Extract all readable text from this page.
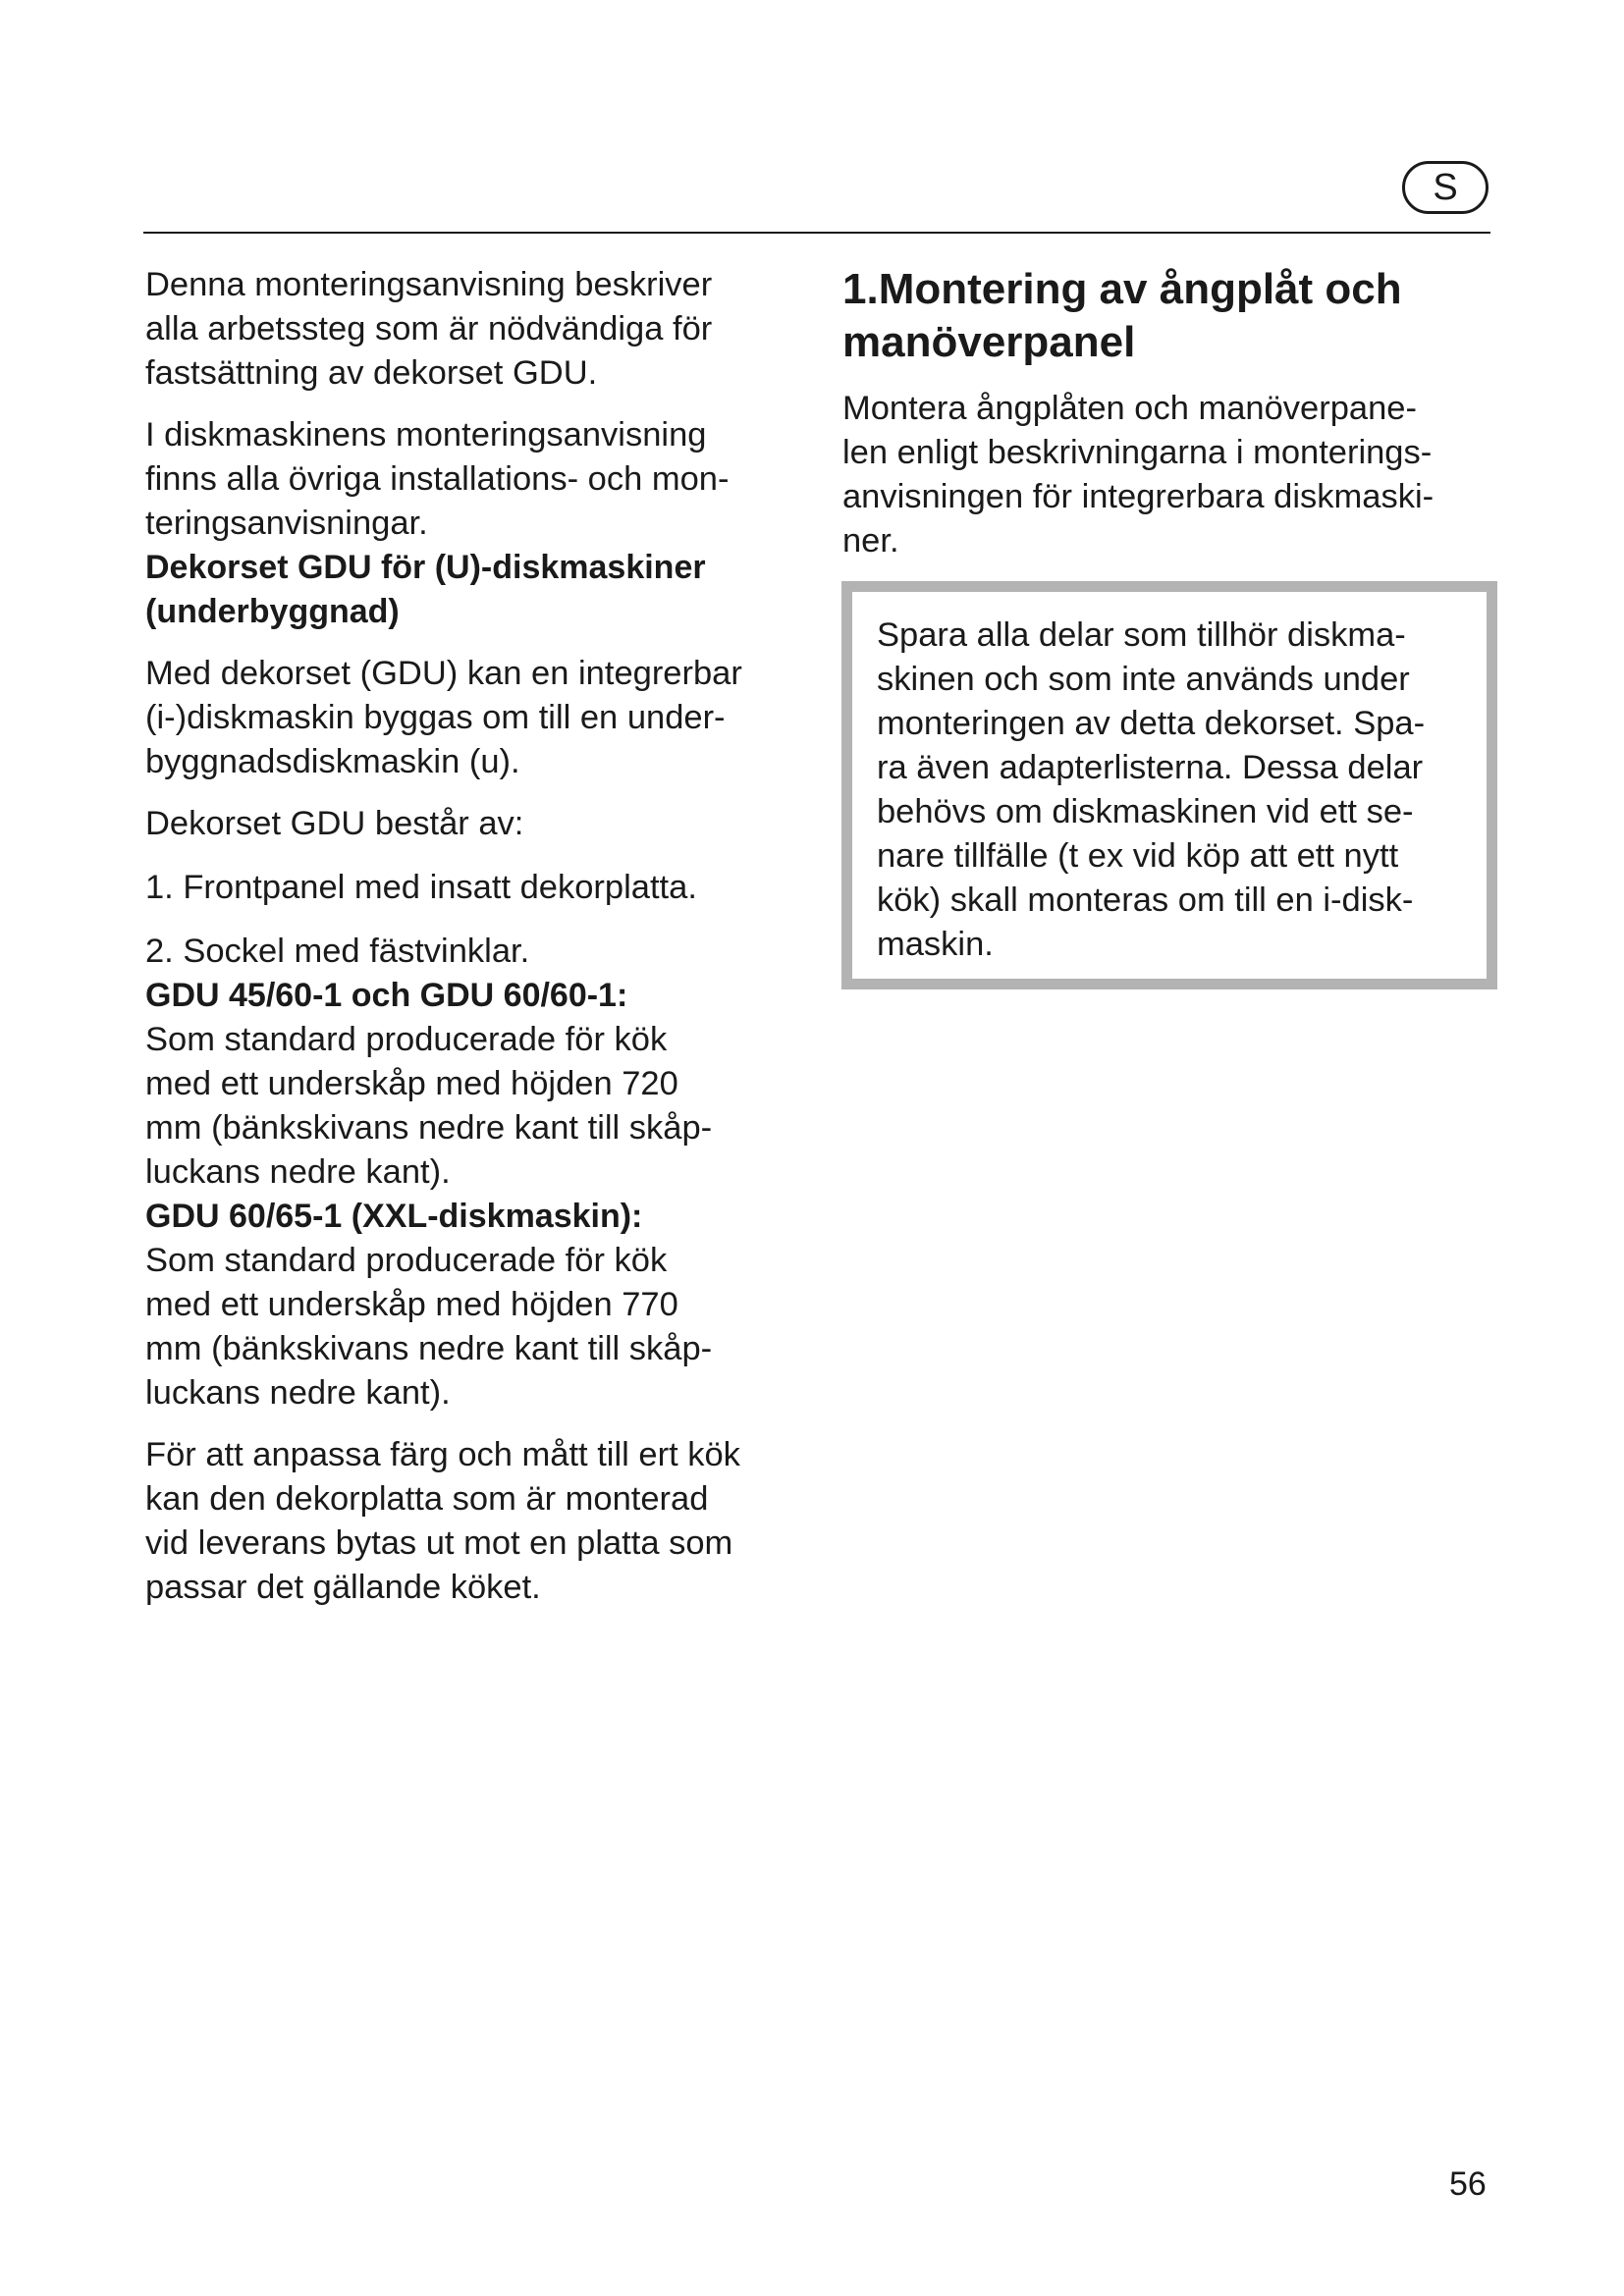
S

Denna monteringsanvisning beskriver
alla arbetssteg som är nödvändiga för
fastsättning av dekorset GDU.

I diskmaskinens monteringsanvisning
finns alla övriga installations- och mon-
teringsanvisningar.

Dekorset GDU för (U)-diskmaskiner
(underbyggnad)

Med dekorset (GDU) kan en integrerbar
(i-)diskmaskin byggas om till en under-
byggnadsdiskmaskin (u).

Dekorset GDU består av:

1. Frontpanel med insatt dekorplatta.

2. Sockel med fästvinklar.

GDU 45/60-1 och GDU 60/60-1:

Som standard producerade för kök
med ett underskåp med höjden 720
mm (bänkskivans nedre kant till skåp-
luckans nedre kant).

GDU 60/65-1 (XXL-diskmaskin):

Som standard producerade för kök
med ett underskåp med höjden 770
mm (bänkskivans nedre kant till skåp-
luckans nedre kant).

För att anpassa färg och mått till ert kök
kan den dekorplatta som är monterad
vid leverans bytas ut mot en platta som
passar det gällande köket.

1.Montering av ångplåt och
manöverpanel

Montera ångplåten och manöverpane-
len enligt beskrivningarna i monterings-
anvisningen för integrerbara diskmaski-
ner.

Spara alla delar som tillhör diskma-
skinen och som inte används under
monteringen av detta dekorset. Spa-
ra även adapterlisterna. Dessa delar
behövs om diskmaskinen vid ett se-
nare tillfälle (t ex vid köp att ett nytt
kök) skall monteras om till en i-disk-
maskin.

56
